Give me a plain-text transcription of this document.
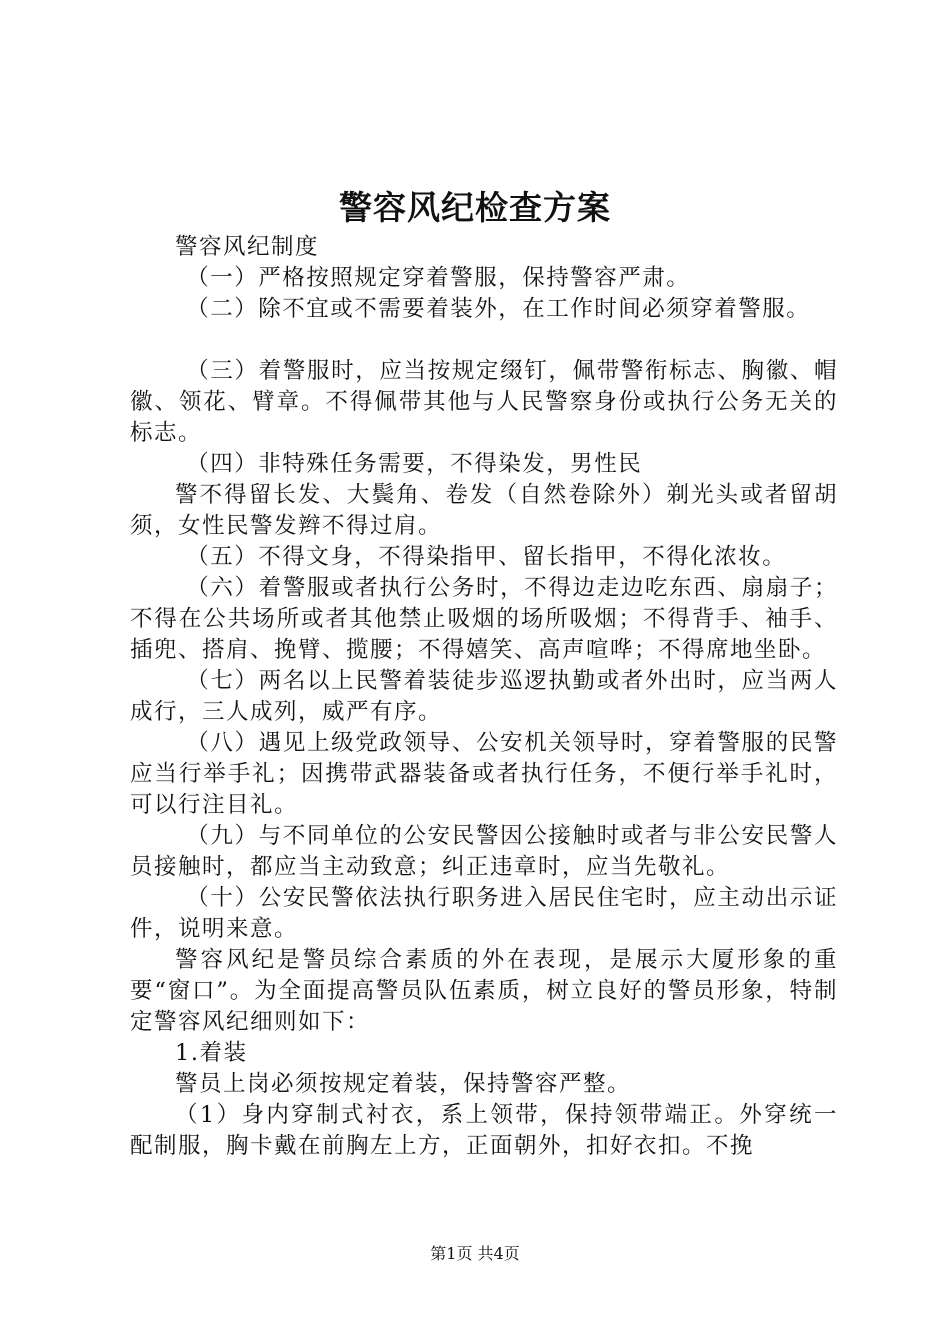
警容风纪检查方案

警容风纪制度

（一）严格按照规定穿着警服，保持警容严肃。

（二）除不宜或不需要着装外，在工作时间必须穿着警服。

（三）着警服时，应当按规定缀钉，佩带警衔标志、胸徽、帽徽、领花、臂章。不得佩带其他与人民警察身份或执行公务无关的标志。

（四）非特殊任务需要，不得染发，男性民

警不得留长发、大鬓角、卷发（自然卷除外）剃光头或者留胡须，女性民警发辫不得过肩。

（五）不得文身，不得染指甲、留长指甲，不得化浓妆。

（六）着警服或者执行公务时，不得边走边吃东西、扇扇子；不得在公共场所或者其他禁止吸烟的场所吸烟；不得背手、袖手、插兜、搭肩、挽臂、揽腰；不得嬉笑、高声喧哗；不得席地坐卧。

（七）两名以上民警着装徒步巡逻执勤或者外出时，应当两人成行，三人成列，威严有序。

（八）遇见上级党政领导、公安机关领导时，穿着警服的民警应当行举手礼；因携带武器装备或者执行任务，不便行举手礼时，可以行注目礼。

（九）与不同单位的公安民警因公接触时或者与非公安民警人员接触时，都应当主动致意；纠正违章时，应当先敬礼。

（十）公安民警依法执行职务进入居民住宅时，应主动出示证件，说明来意。

警容风纪是警员综合素质的外在表现，是展示大厦形象的重要“窗口”。为全面提高警员队伍素质，树立良好的警员形象，特制定警容风纪细则如下：

1.着装

警员上岗必须按规定着装，保持警容严整。

（1）身内穿制式衬衣，系上领带，保持领带端正。外穿统一配制服，胸卡戴在前胸左上方，正面朝外，扣好衣扣。不挽

第1页 共4页
